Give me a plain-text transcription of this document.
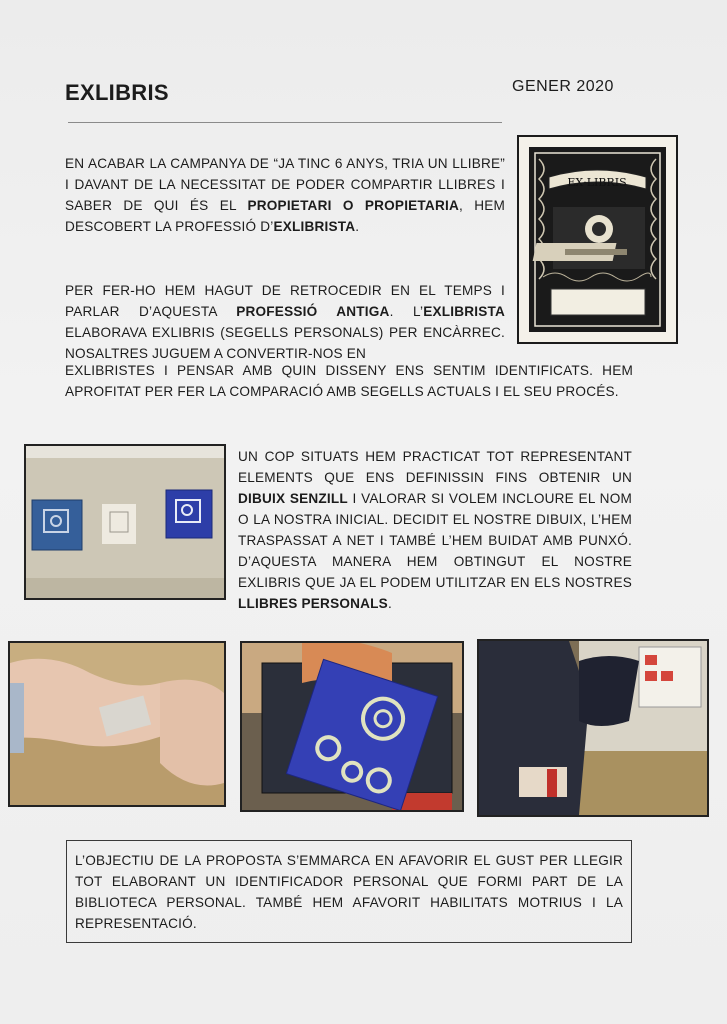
EXLIBRIS	GENER 2020

EN ACABAR LA CAMPANYA DE “JA TINC 6 ANYS, TRIA UN LLIBRE” I DAVANT DE LA NECESSITAT DE PODER COMPARTIR LLIBRES I SABER DE QUI ÉS EL PROPIETARI O PROPIETARIA, HEM DESCOBERT LA PROFESSIÓ D’EXLIBRISTA.

PER FER-HO HEM HAGUT DE RETROCEDIR EN EL TEMPS I PARLAR D’AQUESTA PROFESSIÓ ANTIGA. L’EXLIBRISTA ELABORAVA EXLIBRIS (SEGELLS PERSONALS) PER ENCÀRREC. NOSALTRES JUGUEM A CONVERTIR-NOS EN

EXLIBRISTES I PENSAR AMB QUIN DISSENY ENS SENTIM IDENTIFICATS. HEM APROFITAT PER FER LA COMPARACIÓ AMB SEGELLS ACTUALS I EL SEU PROCÉS.

UN COP SITUATS HEM PRACTICAT TOT REPRESENTANT ELEMENTS QUE ENS DEFINISSIN FINS OBTENIR UN DIBUIX SENZILL I VALORAR SI VOLEM INCLOURE EL NOM O LA NOSTRA INICIAL. DECIDIT EL NOSTRE DIBUIX, L’HEM TRASPASSAT A NET I TAMBÉ L’HEM BUIDAT AMB PUNXÓ. D’AQUESTA MANERA HEM OBTINGUT EL NOSTRE EXLIBRIS QUE JA EL PODEM UTILITZAR EN ELS NOSTRES LLIBRES PERSONALS.

EX·LIBRIS

L’OBJECTIU DE LA PROPOSTA S’EMMARCA EN AFAVORIR EL GUST PER LLEGIR TOT ELABORANT UN IDENTIFICADOR PERSONAL QUE FORMI PART DE LA BIBLIOTECA PERSONAL. TAMBÉ HEM AFAVORIT HABILITATS MOTRIUS I LA REPRESENTACIÓ.
